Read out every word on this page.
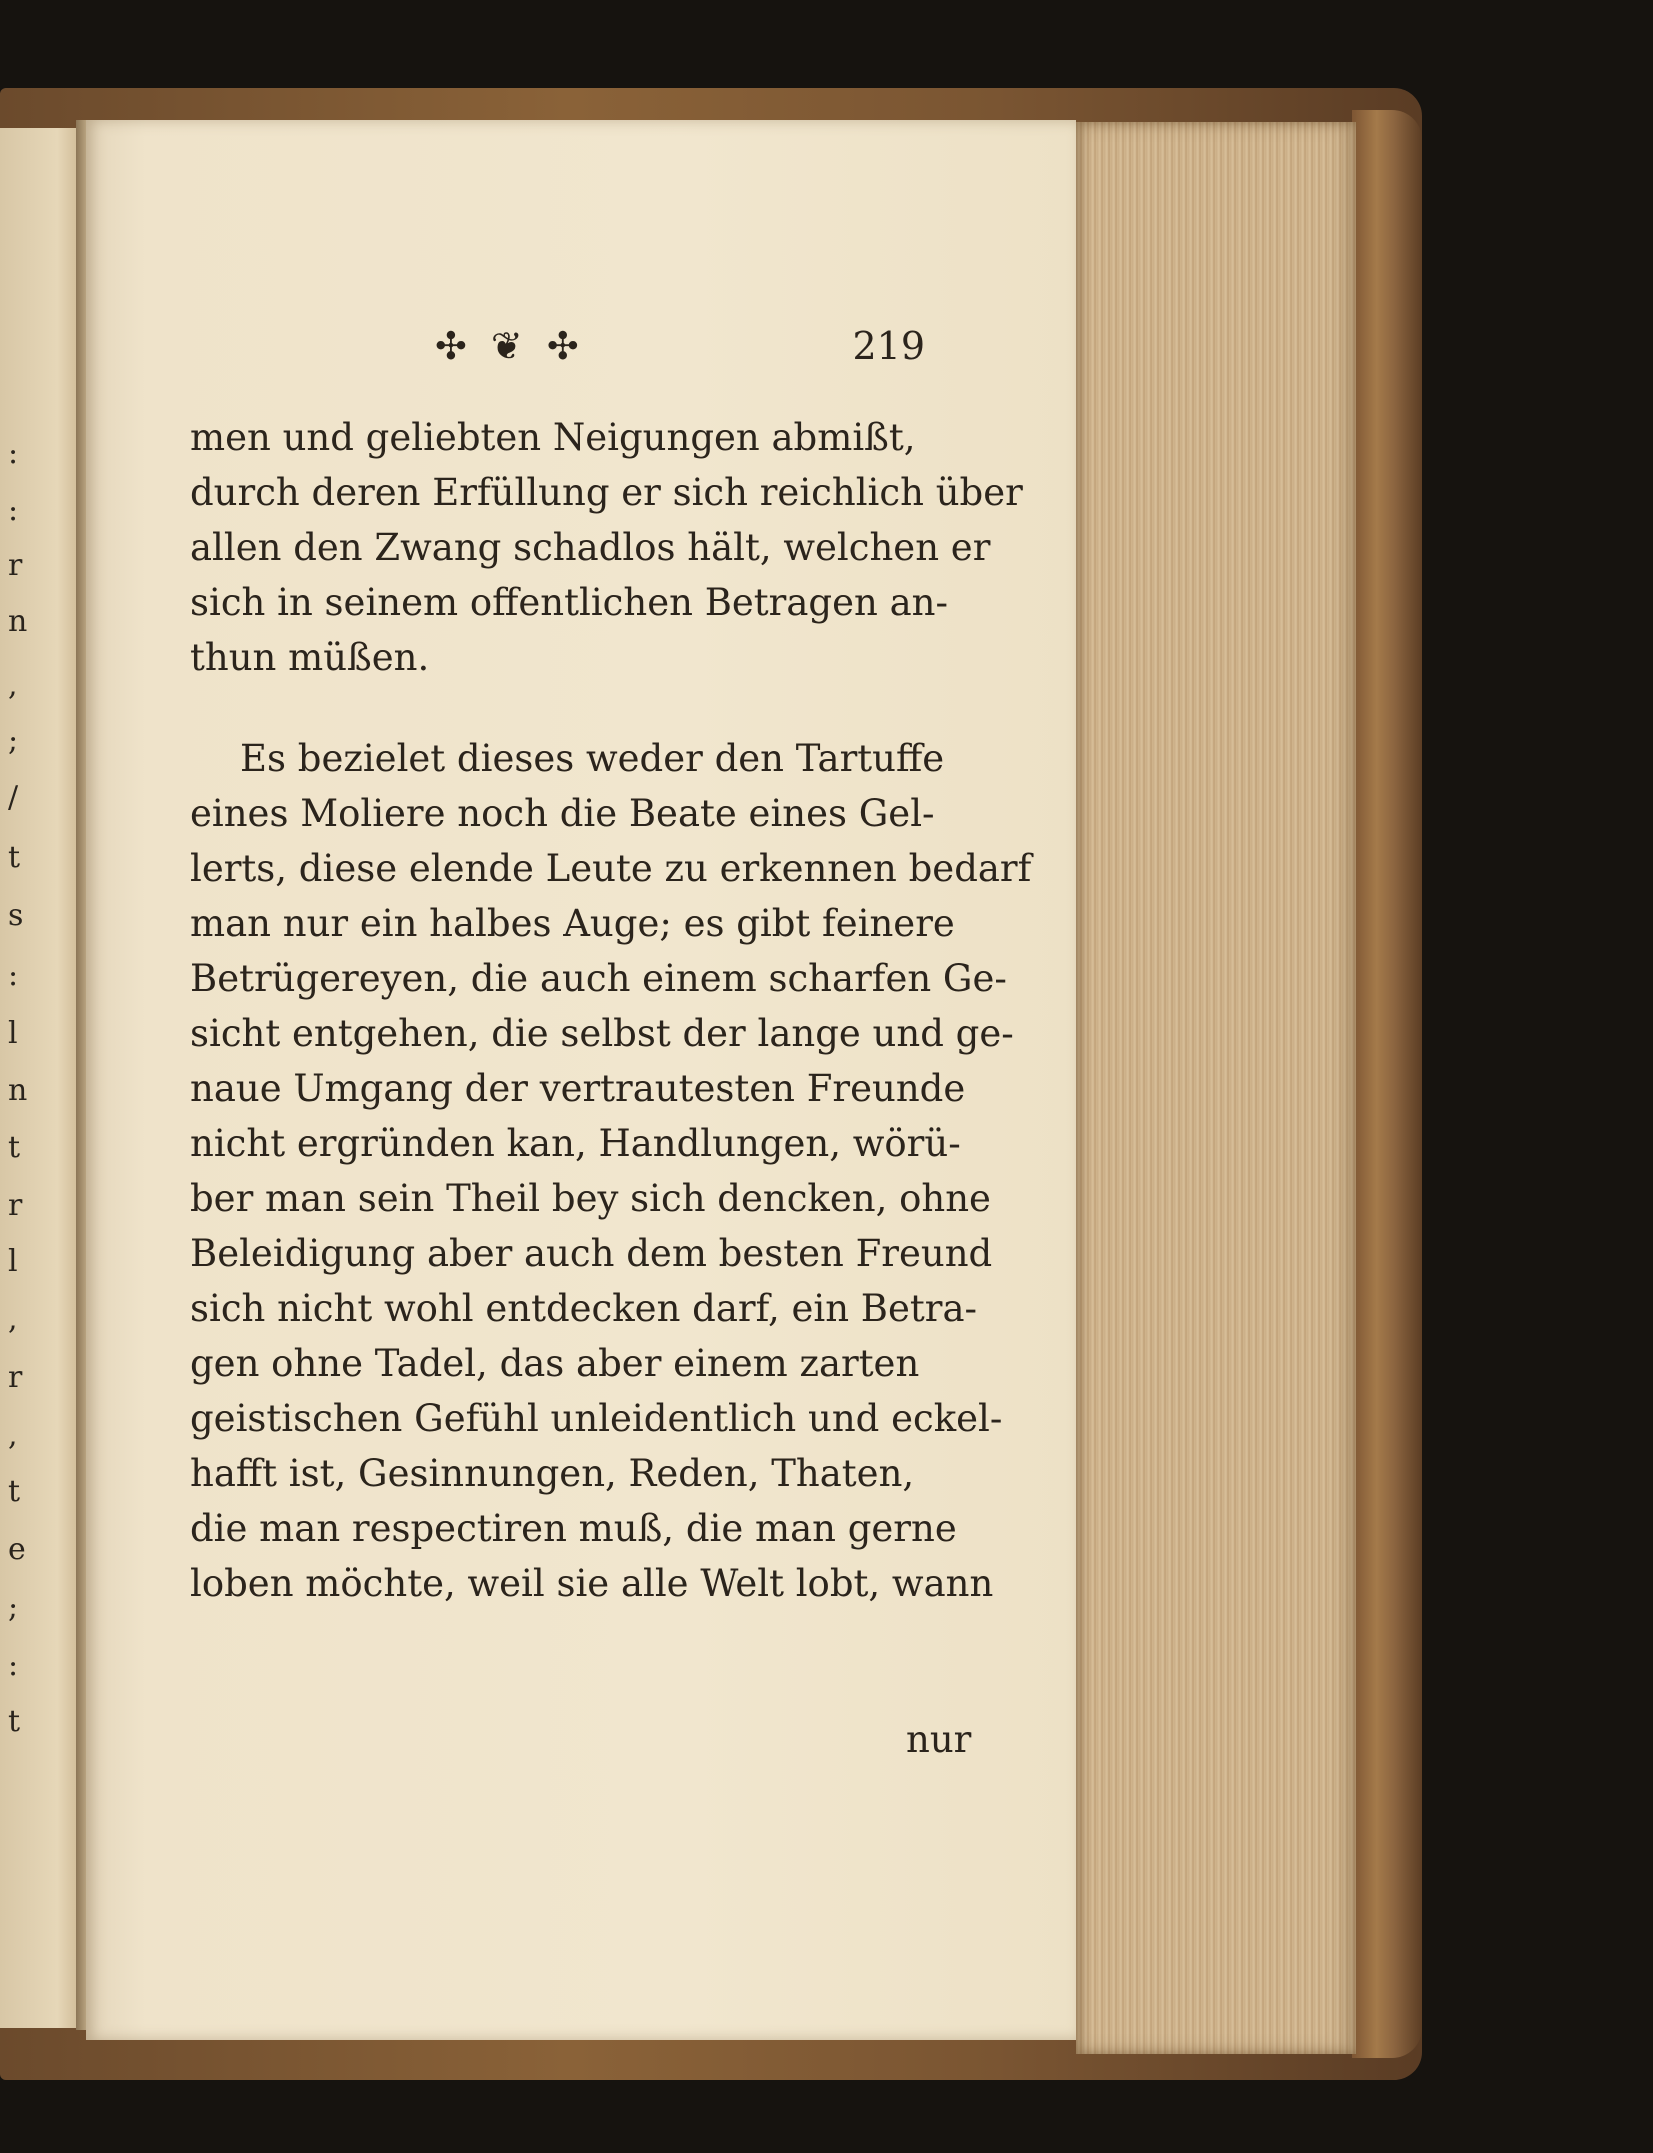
:
:
r
n
,
;
/
t
s
:
l
n
t
r
l
,
r
,
t
e
;
:
t
✣ ❦ ✣	219
men und geliebten Neigungen abmißt,
durch deren Erfüllung er sich reichlich über
allen den Zwang schadlos hält, welchen er
sich in seinem offentlichen Betragen an-
thun müßen.
Es bezielet dieses weder den Tartuffe
eines Moliere noch die Beate eines Gel-
lerts, diese elende Leute zu erkennen bedarf
man nur ein halbes Auge; es gibt feinere
Betrügereyen, die auch einem scharfen Ge-
sicht entgehen, die selbst der lange und ge-
naue Umgang der vertrautesten Freunde
nicht ergründen kan, Handlungen, wörü-
ber man sein Theil bey sich dencken, ohne
Beleidigung aber auch dem besten Freund
sich nicht wohl entdecken darf, ein Betra-
gen ohne Tadel, das aber einem zarten
geistischen Gefühl unleidentlich und eckel-
hafft ist, Gesinnungen, Reden, Thaten,
die man respectiren muß, die man gerne
loben möchte, weil sie alle Welt lobt, wann
nur
